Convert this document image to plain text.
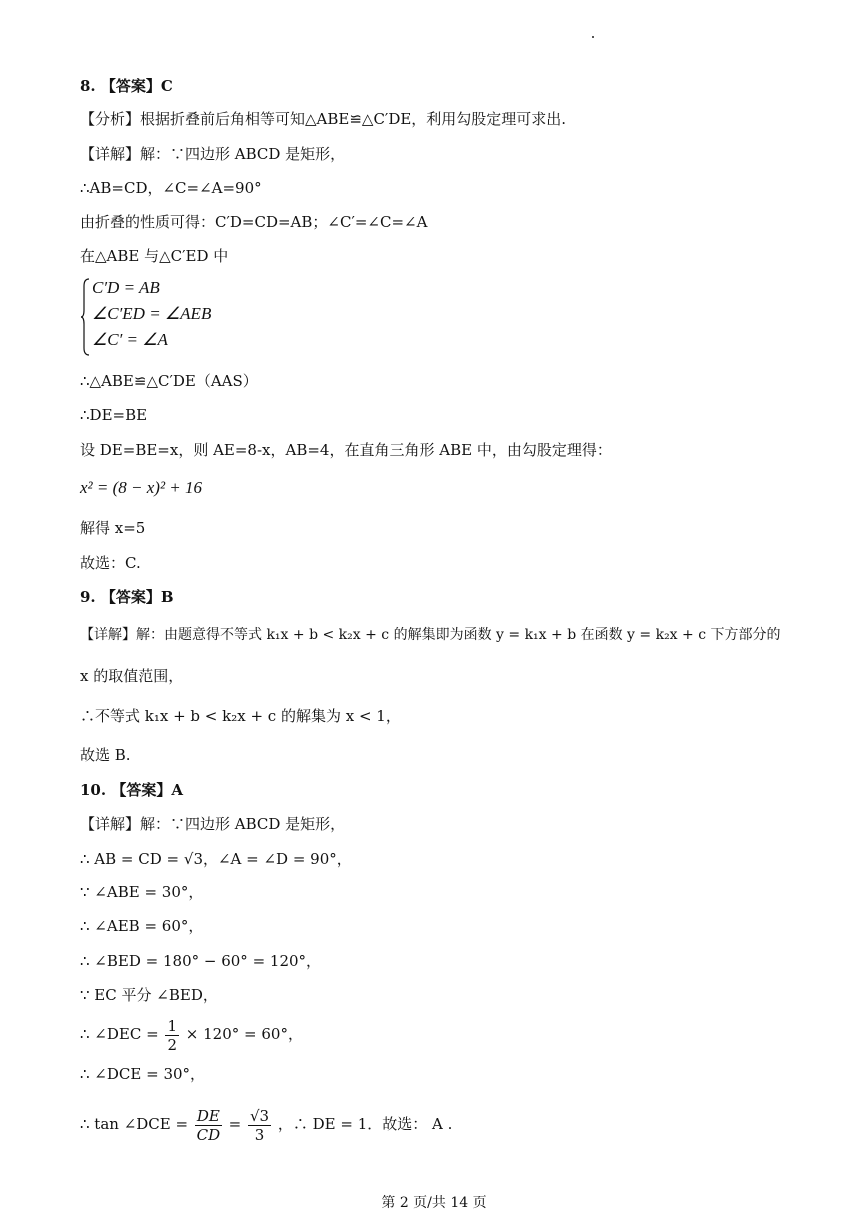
8. 【答案】C
【分析】根据折叠前后角相等可知△ABE≌△C′DE，利用勾股定理可求出.
【详解】解：∵四边形 ABCD 是矩形，
∴AB=CD，∠C=∠A=90°
由折叠的性质可得：C′D=CD=AB；∠C′=∠C=∠A
在△ABE 与△C′ED 中
C′D = AB
∠C′ED = ∠AEB
∠C′ = ∠A
∴△ABE≌△C′DE（AAS）
∴DE=BE
设 DE=BE=x，则 AE=8-x，AB=4，在直角三角形 ABE 中，由勾股定理得：
x² = (8 − x)² + 16
解得 x=5
故选：C.
9. 【答案】B
【详解】解：由题意得不等式 k₁x + b < k₂x + c 的解集即为函数 y = k₁x + b 在函数 y = k₂x + c 下方部分的
x 的取值范围，
∴不等式 k₁x + b < k₂x + c 的解集为 x < 1，
故选 B.
10. 【答案】A
【详解】解：∵四边形 ABCD 是矩形，
∴ AB = CD = √3，∠A = ∠D = 90°，
∵ ∠ABE = 30°，
∴ ∠AEB = 60°，
∴ ∠BED = 180° − 60° = 120°，
∵ EC 平分 ∠BED，
∴ ∠DEC = $\frac{1}{2} \times 120^\circ = 60^\circ$，
∴ ∠DCE = 30°，
∴ tan ∠DCE = $\frac{DE}{CD} = \frac{√3}{3}$ ，∴ DE = 1．故选： A .
第 2 页/共 14 页
